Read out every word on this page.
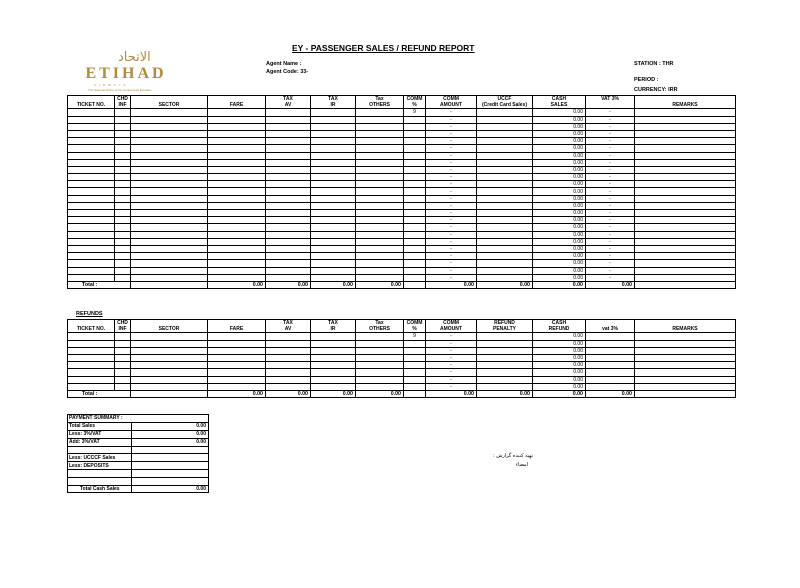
الاتحاد
ETIHAD
AIRWAYS
The National Airline of the United Arab Emirates
EY - PASSENGER SALES / REFUND REPORT
Agent Name :
Agent Code: 33-
STATION : THR
PERIOD :
CURRENCY: IRR
	CHD			TAX	TAX	Tax	COMM	COMM	UCCF	CASH	VAT 3%	
TICKET NO.	INF	SECTOR	FARE	AV	IR	OTHERS	%	AMOUNT	(Credit Card Sales)	SALES		REMARKS
							9	-		0.00	-	
								-		0.00	-	
								-		0.00	-	
								-		0.00	-	
								-		0.00	-	
								-		0.00	-	
								-		0.00	-	
								-		0.00	-	
								-		0.00	-	
								-		0.00	-	
								-		0.00	-	
								-		0.00	-	
								-		0.00	-	
								-		0.00	-	
								-		0.00	-	
								-		0.00	-	
								-		0.00	-	
								-		0.00	-	
								-		0.00	-	
								-		0.00	-	
								-		0.00	-	
								-		0.00	-	
								-		0.00	-	
								-		0.00	-	
Total :			0.00	0.00	0.00	0.00		0.00	0.00	0.00	0.00	
REFUNDS
	CHD			TAX	TAX	Tax	COMM	COMM	REFUND	CASH		
TICKET NO.	INF	SECTOR	FARE	AV	IR	OTHERS	%	AMOUNT	PENALTY	REFUND	vat 3%	REMARKS
							9	-		0.00		
								-		0.00		
								-		0.00		
								-		0.00		
								-		0.00		
								-		0.00		
								-		0.00		
								-		0.00		
Total :			0.00	0.00	0.00	0.00		0.00	0.00	0.00	0.00	
PAYMENT SUMMARY :	
Total Sales	0.00
Less: 3%/VAT	0.00
Add: 3%/VAT	0.00

Less: UCCCF Sales	
Less: DEPOSITS	

Total Cash Sales	0.00
تهيه کننده گزارش :
امضاء
